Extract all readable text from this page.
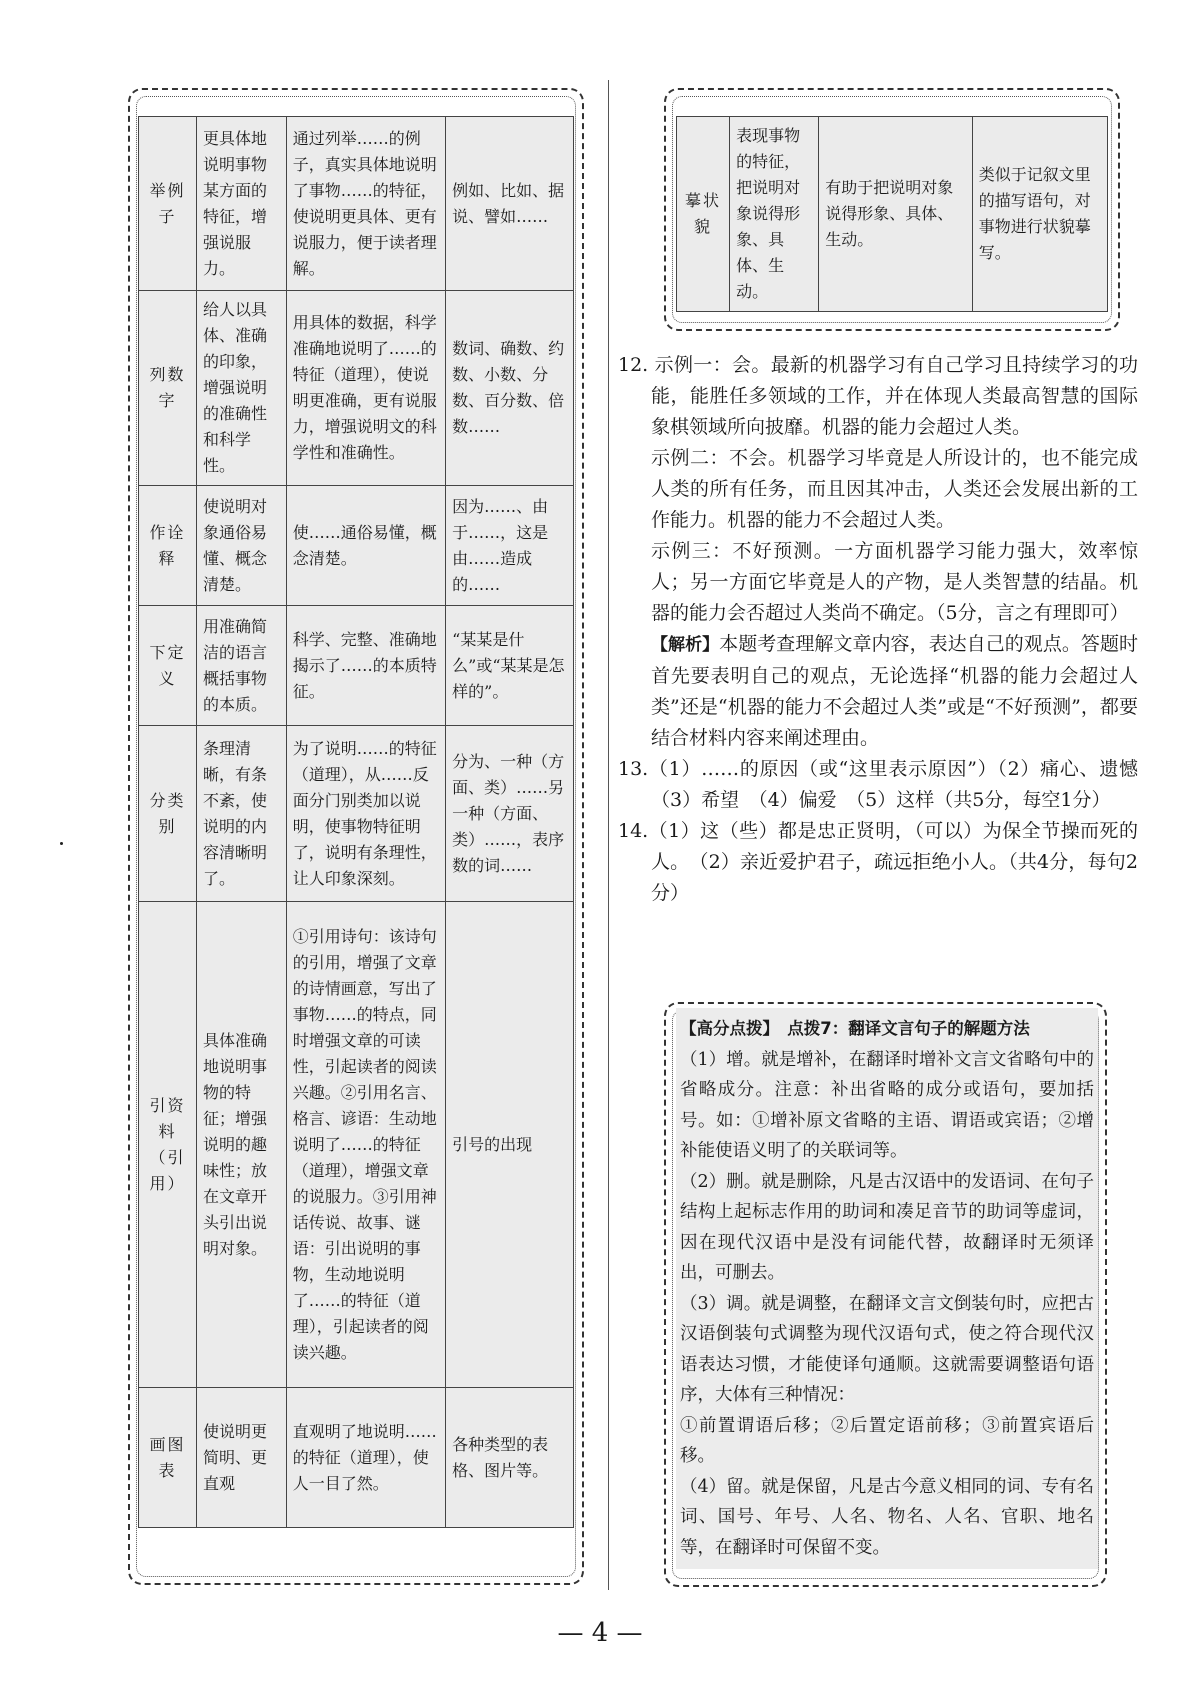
举例子	更具体地说明事物某方面的特征，增强说服力。	通过列举……的例子，真实具体地说明了事物……的特征，使说明更具体、更有说服力，便于读者理解。	例如、比如、据说、譬如……
列数字	给人以具体、准确的印象，增强说明的准确性和科学性。	用具体的数据，科学准确地说明了……的特征（道理），使说明更准确，更有说服力，增强说明文的科学性和准确性。	数词、确数、约数、小数、分数、百分数、倍数……
作诠释	使说明对象通俗易懂、概念清楚。	使……通俗易懂，概念清楚。	因为……、由于……，这是由……造成的……
下定义	用准确简洁的语言概括事物的本质。	科学、完整、准确地揭示了……的本质特征。	“某某是什么”或“某某是怎样的”。
分类别	条理清晰，有条不紊，使说明的内容清晰明了。	为了说明……的特征（道理），从……反面分门别类加以说明，使事物特征明了，说明有条理性，让人印象深刻。	分为、一种（方面、类）……另一种（方面、类）……，表序数的词……
引资料（引用）	具体准确地说明事物的特征；增强说明的趣味性；放在文章开头引出说明对象。	①引用诗句：该诗句的引用，增强了文章的诗情画意，写出了事物……的特点，同时增强文章的可读性，引起读者的阅读兴趣。②引用名言、格言、谚语：生动地说明了……的特征（道理），增强文章的说服力。③引用神话传说、故事、谜语：引出说明的事物，生动地说明了……的特征（道理），引起读者的阅读兴趣。	引号的出现
画图表	使说明更简明、更直观	直观明了地说明……的特征（道理），使人一目了然。	各种类型的表格、图片等。
摹状貌	表现事物的特征，把说明对象说得形象、具体、生动。	有助于把说明对象说得形象、具体、生动。	类似于记叙文里的描写语句，对事物进行状貌摹写。

12. 示例一：会。最新的机器学习有自己学习且持续学习的功能，能胜任多领域的工作，并在体现人类最高智慧的国际象棋领域所向披靡。机器的能力会超过人类。

示例二：不会。机器学习毕竟是人所设计的，也不能完成人类的所有任务，而且因其冲击，人类还会发展出新的工作能力。机器的能力不会超过人类。

示例三：不好预测。一方面机器学习能力强大，效率惊人；另一方面它毕竟是人的产物，是人类智慧的结晶。机器的能力会否超过人类尚不确定。（5分，言之有理即可）

【解析】本题考查理解文章内容，表达自己的观点。答题时首先要表明自己的观点，无论选择“机器的能力会超过人类”还是“机器的能力不会超过人类”或是“不好预测”，都要结合材料内容来阐述理由。

13.（1）……的原因（或“这里表示原因”）（2）痛心、遗憾（3）希望　（4）偏爱　（5）这样（共5分，每空1分）

14.（1）这（些）都是忠正贤明，（可以）为保全节操而死的人。　（2）亲近爱护君子，疏远拒绝小人。（共4分，每句2分）

【高分点拨】　点拨7：翻译文言句子的解题方法

（1）增。就是增补，在翻译时增补文言文省略句中的省略成分。注意：补出省略的成分或语句，要加括号。如：①增补原文省略的主语、谓语或宾语；②增补能使语义明了的关联词等。

（2）删。就是删除，凡是古汉语中的发语词、在句子结构上起标志作用的助词和凑足音节的助词等虚词，因在现代汉语中是没有词能代替，故翻译时无须译出，可删去。

（3）调。就是调整，在翻译文言文倒装句时，应把古汉语倒装句式调整为现代汉语句式，使之符合现代汉语表达习惯，才能使译句通顺。这就需要调整语句语序，大体有三种情况：

①前置谓语后移；②后置定语前移；③前置宾语后移。

（4）留。就是保留，凡是古今意义相同的词、专有名词、国号、年号、人名、物名、人名、官职、地名等，在翻译时可保留不变。

— 4 —
